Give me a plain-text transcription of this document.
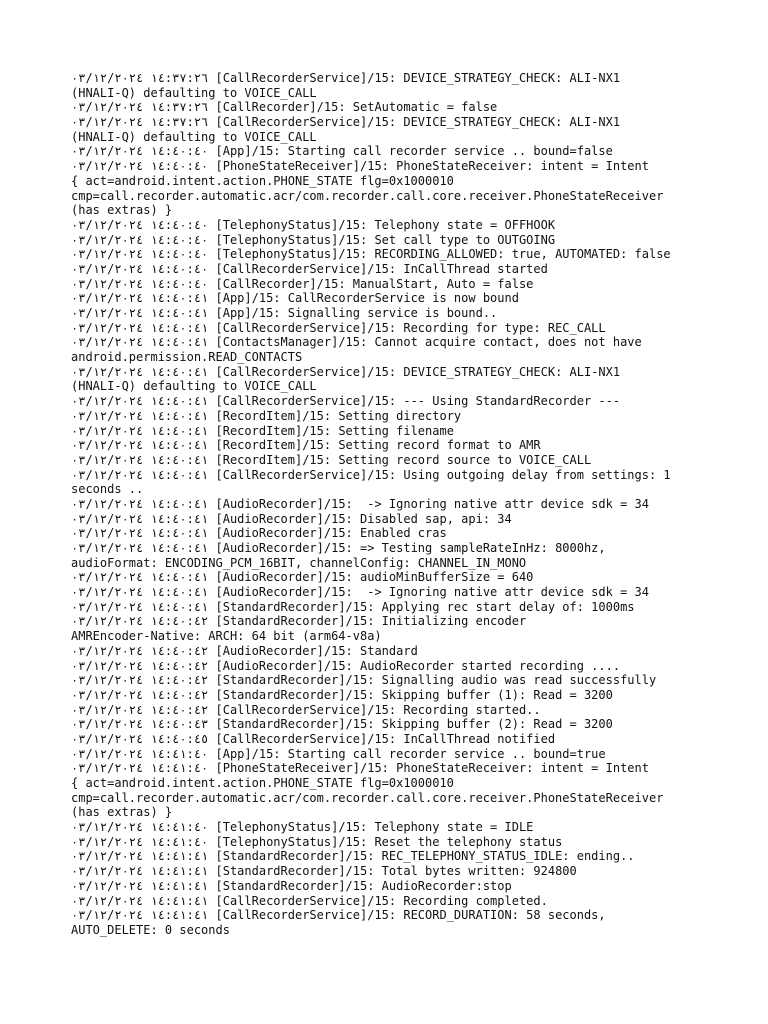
١٤:٣٧:٢٦ ٠٣/١٢/٢٠٢٤ [CallRecorderService]/15: DEVICE_STRATEGY_CHECK: ALI-NX1
(HNALI-Q) defaulting to VOICE_CALL
١٤:٣٧:٢٦ ٠٣/١٢/٢٠٢٤ [CallRecorder]/15: SetAutomatic = false
١٤:٣٧:٢٦ ٠٣/١٢/٢٠٢٤ [CallRecorderService]/15: DEVICE_STRATEGY_CHECK: ALI-NX1
(HNALI-Q) defaulting to VOICE_CALL
١٤:٤٠:٤٠ ٠٣/١٢/٢٠٢٤ [App]/15: Starting call recorder service .. bound=false
١٤:٤٠:٤٠ ٠٣/١٢/٢٠٢٤ [PhoneStateReceiver]/15: PhoneStateReceiver: intent = Intent
{ act=android.intent.action.PHONE_STATE flg=0x1000010
cmp=call.recorder.automatic.acr/com.recorder.call.core.receiver.PhoneStateReceiver
(has extras) }
١٤:٤٠:٤٠ ٠٣/١٢/٢٠٢٤ [TelephonyStatus]/15: Telephony state = OFFHOOK
١٤:٤٠:٤٠ ٠٣/١٢/٢٠٢٤ [TelephonyStatus]/15: Set call type to OUTGOING
١٤:٤٠:٤٠ ٠٣/١٢/٢٠٢٤ [TelephonyStatus]/15: RECORDING_ALLOWED: true, AUTOMATED: false
١٤:٤٠:٤٠ ٠٣/١٢/٢٠٢٤ [CallRecorderService]/15: InCallThread started
١٤:٤٠:٤٠ ٠٣/١٢/٢٠٢٤ [CallRecorder]/15: ManualStart, Auto = false
١٤:٤٠:٤١ ٠٣/١٢/٢٠٢٤ [App]/15: CallRecorderService is now bound
١٤:٤٠:٤١ ٠٣/١٢/٢٠٢٤ [App]/15: Signalling service is bound..
١٤:٤٠:٤١ ٠٣/١٢/٢٠٢٤ [CallRecorderService]/15: Recording for type: REC_CALL
١٤:٤٠:٤١ ٠٣/١٢/٢٠٢٤ [ContactsManager]/15: Cannot acquire contact, does not have
android.permission.READ_CONTACTS
١٤:٤٠:٤١ ٠٣/١٢/٢٠٢٤ [CallRecorderService]/15: DEVICE_STRATEGY_CHECK: ALI-NX1
(HNALI-Q) defaulting to VOICE_CALL
١٤:٤٠:٤١ ٠٣/١٢/٢٠٢٤ [CallRecorderService]/15: --- Using StandardRecorder ---
١٤:٤٠:٤١ ٠٣/١٢/٢٠٢٤ [RecordItem]/15: Setting directory
١٤:٤٠:٤١ ٠٣/١٢/٢٠٢٤ [RecordItem]/15: Setting filename
١٤:٤٠:٤١ ٠٣/١٢/٢٠٢٤ [RecordItem]/15: Setting record format to AMR
١٤:٤٠:٤١ ٠٣/١٢/٢٠٢٤ [RecordItem]/15: Setting record source to VOICE_CALL
١٤:٤٠:٤١ ٠٣/١٢/٢٠٢٤ [CallRecorderService]/15: Using outgoing delay from settings: 1
seconds ..
١٤:٤٠:٤١ ٠٣/١٢/٢٠٢٤ [AudioRecorder]/15:  -> Ignoring native attr device sdk = 34
١٤:٤٠:٤١ ٠٣/١٢/٢٠٢٤ [AudioRecorder]/15: Disabled sap, api: 34
١٤:٤٠:٤١ ٠٣/١٢/٢٠٢٤ [AudioRecorder]/15: Enabled cras
١٤:٤٠:٤١ ٠٣/١٢/٢٠٢٤ [AudioRecorder]/15: => Testing sampleRateInHz: 8000hz,
audioFormat: ENCODING_PCM_16BIT, channelConfig: CHANNEL_IN_MONO
١٤:٤٠:٤١ ٠٣/١٢/٢٠٢٤ [AudioRecorder]/15: audioMinBufferSize = 640
١٤:٤٠:٤١ ٠٣/١٢/٢٠٢٤ [AudioRecorder]/15:  -> Ignoring native attr device sdk = 34
١٤:٤٠:٤١ ٠٣/١٢/٢٠٢٤ [StandardRecorder]/15: Applying rec start delay of: 1000ms
١٤:٤٠:٤٢ ٠٣/١٢/٢٠٢٤ [StandardRecorder]/15: Initializing encoder
AMREncoder-Native: ARCH: 64 bit (arm64-v8a)
١٤:٤٠:٤٢ ٠٣/١٢/٢٠٢٤ [AudioRecorder]/15: Standard
١٤:٤٠:٤٢ ٠٣/١٢/٢٠٢٤ [AudioRecorder]/15: AudioRecorder started recording ....
١٤:٤٠:٤٢ ٠٣/١٢/٢٠٢٤ [StandardRecorder]/15: Signalling audio was read successfully
١٤:٤٠:٤٢ ٠٣/١٢/٢٠٢٤ [StandardRecorder]/15: Skipping buffer (1): Read = 3200
١٤:٤٠:٤٢ ٠٣/١٢/٢٠٢٤ [CallRecorderService]/15: Recording started..
١٤:٤٠:٤٣ ٠٣/١٢/٢٠٢٤ [StandardRecorder]/15: Skipping buffer (2): Read = 3200
١٤:٤٠:٤٥ ٠٣/١٢/٢٠٢٤ [CallRecorderService]/15: InCallThread notified
١٤:٤١:٤٠ ٠٣/١٢/٢٠٢٤ [App]/15: Starting call recorder service .. bound=true
١٤:٤١:٤٠ ٠٣/١٢/٢٠٢٤ [PhoneStateReceiver]/15: PhoneStateReceiver: intent = Intent
{ act=android.intent.action.PHONE_STATE flg=0x1000010
cmp=call.recorder.automatic.acr/com.recorder.call.core.receiver.PhoneStateReceiver
(has extras) }
١٤:٤١:٤٠ ٠٣/١٢/٢٠٢٤ [TelephonyStatus]/15: Telephony state = IDLE
١٤:٤١:٤٠ ٠٣/١٢/٢٠٢٤ [TelephonyStatus]/15: Reset the telephony status
١٤:٤١:٤١ ٠٣/١٢/٢٠٢٤ [StandardRecorder]/15: REC_TELEPHONY_STATUS_IDLE: ending..
١٤:٤١:٤١ ٠٣/١٢/٢٠٢٤ [StandardRecorder]/15: Total bytes written: 924800
١٤:٤١:٤١ ٠٣/١٢/٢٠٢٤ [StandardRecorder]/15: AudioRecorder:stop
١٤:٤١:٤١ ٠٣/١٢/٢٠٢٤ [CallRecorderService]/15: Recording completed.
١٤:٤١:٤١ ٠٣/١٢/٢٠٢٤ [CallRecorderService]/15: RECORD_DURATION: 58 seconds,
AUTO_DELETE: 0 seconds
